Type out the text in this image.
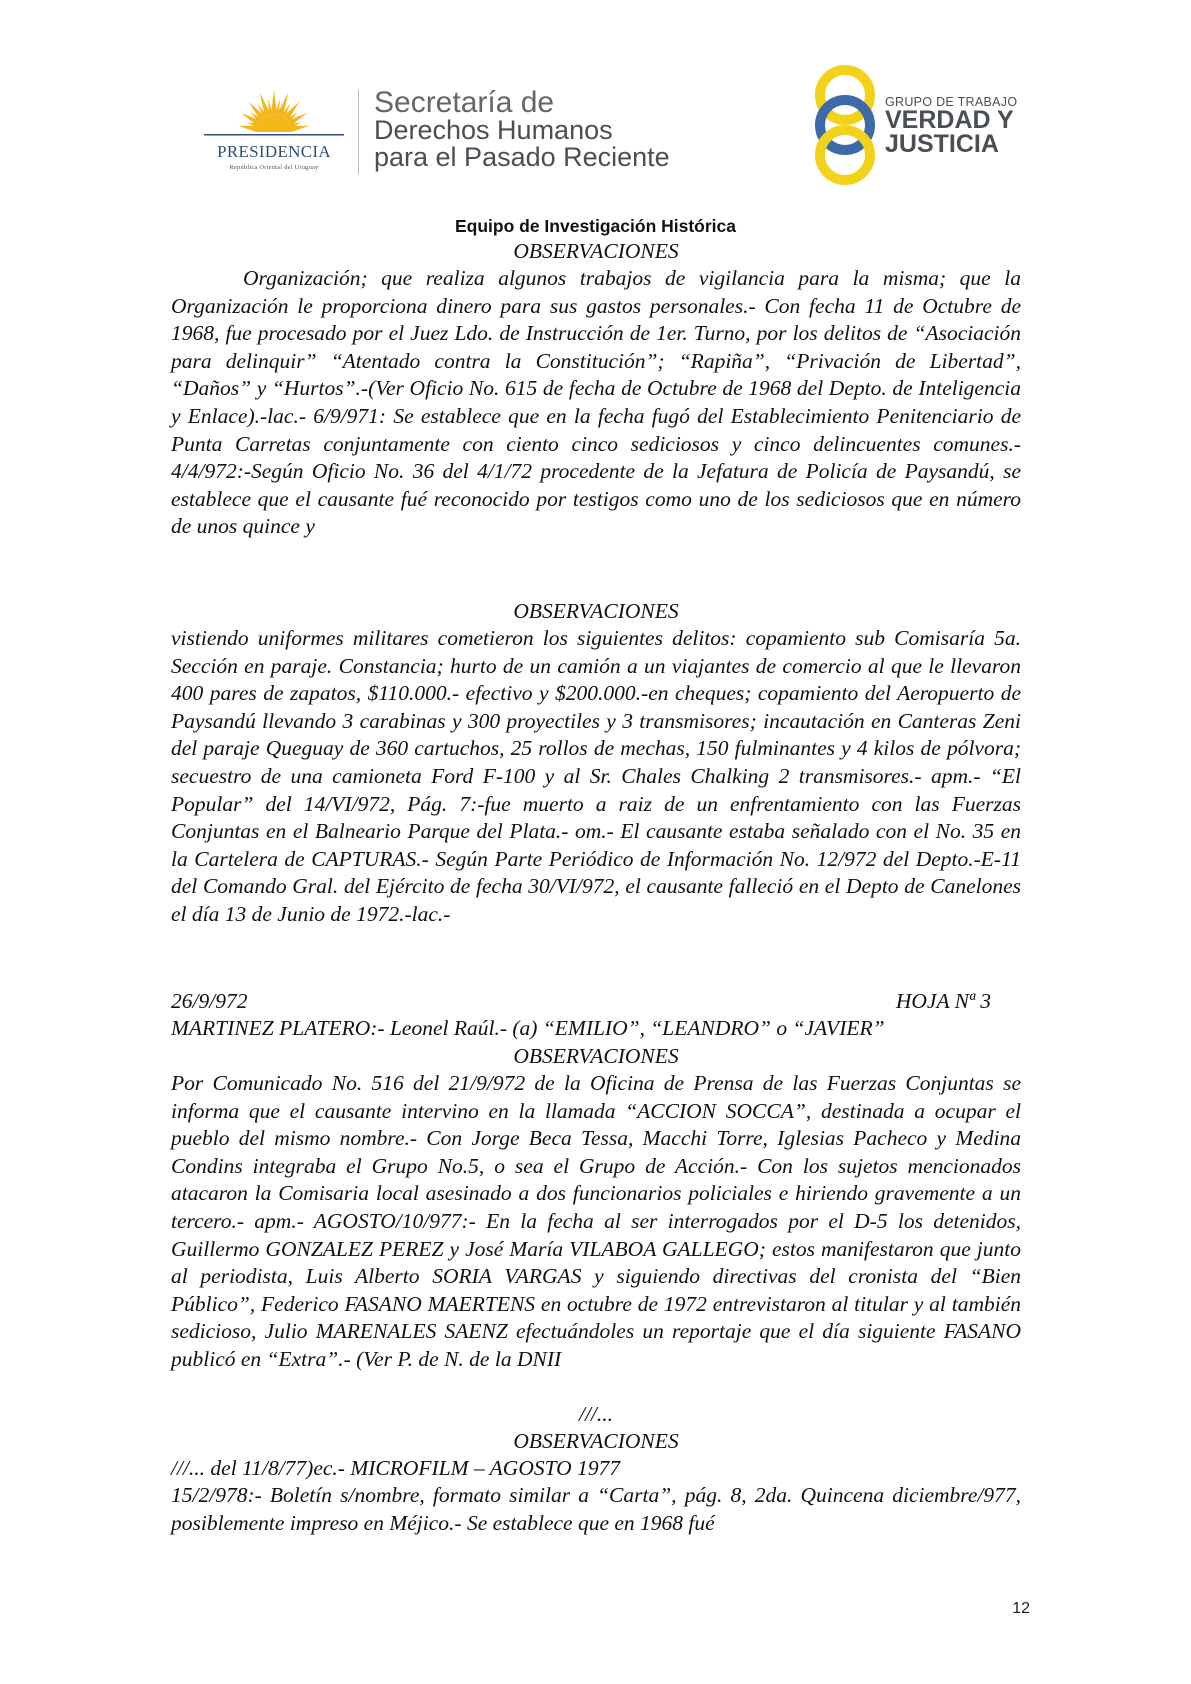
PRESIDENCIA
República Oriental del Uruguay
Secretaría de
Derechos Humanos
para el Pasado Reciente
GRUPO DE TRABAJO
VERDAD Y
JUSTICIA
Equipo de Investigación Histórica
OBSERVACIONES

Organización; que realiza algunos trabajos de vigilancia para la misma; que la Organización le proporciona dinero para sus gastos personales.- Con fecha 11 de Octubre de 1968, fue procesado por el Juez Ldo. de Instrucción de 1er. Turno, por los delitos de “Asociación para delinquir” “Atentado contra la Constitución”; “Rapiña”, “Privación de Libertad”, “Daños” y “Hurtos”.-(Ver Oficio No. 615 de fecha de Octubre de 1968 del Depto. de Inteligencia y Enlace).-lac.- 6/9/971: Se establece que en la fecha fugó del Establecimiento Penitenciario de Punta Carretas conjuntamente con ciento cinco sediciosos y cinco delincuentes comunes.- 4/4/972:-Según Oficio No. 36 del 4/1/72 procedente de la Jefatura de Policía de Paysandú, se establece que el causante fué reconocido por testigos como uno de los sediciosos que en número de unos quince y

OBSERVACIONES

vistiendo uniformes militares cometieron los siguientes delitos: copamiento sub Comisaría 5a. Sección en paraje. Constancia; hurto de un camión a un viajantes de comercio al que le llevaron 400 pares de zapatos, $110.000.- efectivo y $200.000.-en cheques; copamiento del Aeropuerto de Paysandú llevando 3 carabinas y 300 proyectiles y 3 transmisores; incautación en Canteras Zeni del paraje Queguay de 360 cartuchos, 25 rollos de mechas, 150 fulminantes y 4 kilos de pólvora; secuestro de una camioneta Ford F-100 y al Sr. Chales Chalking 2 transmisores.- apm.- “El Popular” del 14/VI/972, Pág. 7:-fue muerto a raiz de un enfrentamiento con las Fuerzas Conjuntas en el Balneario Parque del Plata.- om.- El causante estaba señalado con el No. 35 en la Cartelera de CAPTURAS.- Según Parte Periódico de Información No. 12/972 del Depto.-E-11 del Comando Gral. del Ejército de fecha 30/VI/972, el causante falleció en el Depto de Canelones el día 13 de Junio de 1972.-lac.-

26/9/972	HOJA Nª 3
MARTINEZ PLATERO:- Leonel Raúl.- (a) “EMILIO”, “LEANDRO” o “JAVIER”
OBSERVACIONES

Por Comunicado No. 516 del 21/9/972 de la Oficina de Prensa de las Fuerzas Conjuntas se informa que el causante intervino en la llamada “ACCION SOCCA”, destinada a ocupar el pueblo del mismo nombre.- Con Jorge Beca Tessa, Macchi Torre, Iglesias Pacheco y Medina Condins integraba el Grupo No.5, o sea el Grupo de Acción.- Con los sujetos mencionados atacaron la Comisaria local asesinado a dos funcionarios policiales e hiriendo gravemente a un tercero.- apm.- AGOSTO/10/977:- En la fecha al ser interrogados por el D-5 los detenidos, Guillermo GONZALEZ PEREZ y José María VILABOA GALLEGO; estos manifestaron que junto al periodista, Luis Alberto SORIA VARGAS y siguiendo directivas del cronista del “Bien Público”, Federico FASANO MAERTENS en octubre de 1972 entrevistaron al titular y al también sedicioso, Julio MARENALES SAENZ efectuándoles un reportaje que el día siguiente FASANO publicó en “Extra”.- (Ver P. de N. de la DNII

///...
OBSERVACIONES
///... del 11/8/77)ec.- MICROFILM – AGOSTO 1977

15/2/978:- Boletín s/nombre, formato similar a “Carta”, pág. 8, 2da. Quincena diciembre/977, posiblemente impreso en Méjico.- Se establece que en 1968 fué

12
